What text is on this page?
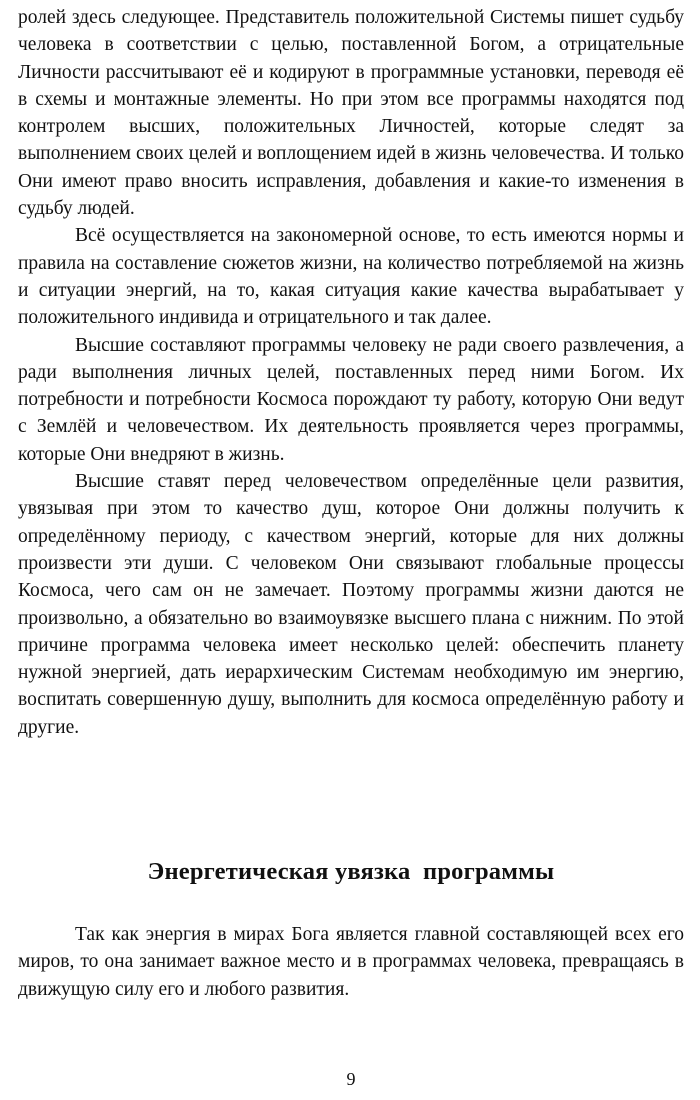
ролей здесь следующее. Представитель положительной Системы пишет судьбу человека в соответствии с целью, поставленной Богом, а отрицательные Личности рассчитывают её и кодируют в программные установки, переводя её в схемы и монтажные элементы. Но при этом все программы находятся под контролем высших, положительных Личностей, которые следят за выполнением своих целей и воплощением идей в жизнь человечества. И только Они имеют право вносить исправления, добавления и какие-то изменения в судьбу людей.

Всё осуществляется на закономерной основе, то есть имеются нормы и правила на составление сюжетов жизни, на количество потребляемой на жизнь и ситуации энергий, на то, какая ситуация какие качества вырабатывает у положительного индивида и отрицательного и так далее.

Высшие составляют программы человеку не ради своего развлечения, а ради выполнения личных целей, поставленных перед ними Богом. Их потребности и потребности Космоса порождают ту работу, которую Они ведут с Землёй и человечеством. Их деятельность проявляется через программы, которые Они внедряют в жизнь.

Высшие ставят перед человечеством определённые цели развития, увязывая при этом то качество душ, которое Они должны получить к определённому периоду, с качеством энергий, которые для них должны произвести эти души. С человеком Они связывают глобальные процессы Космоса, чего сам он не замечает. Поэтому программы жизни даются не произвольно, а обязательно во взаимоувязке высшего плана с нижним. По этой причине программа человека имеет несколько целей: обеспечить планету нужной энергией, дать иерархическим Системам необходимую им энергию, воспитать совершенную душу, выполнить для космоса определённую работу и другие.

Энергетическая увязка  программы

Так как энергия в мирах Бога является главной составляющей всех его миров, то она занимает важное место и в программах человека, превращаясь в движущую силу его и любого развития.

9
